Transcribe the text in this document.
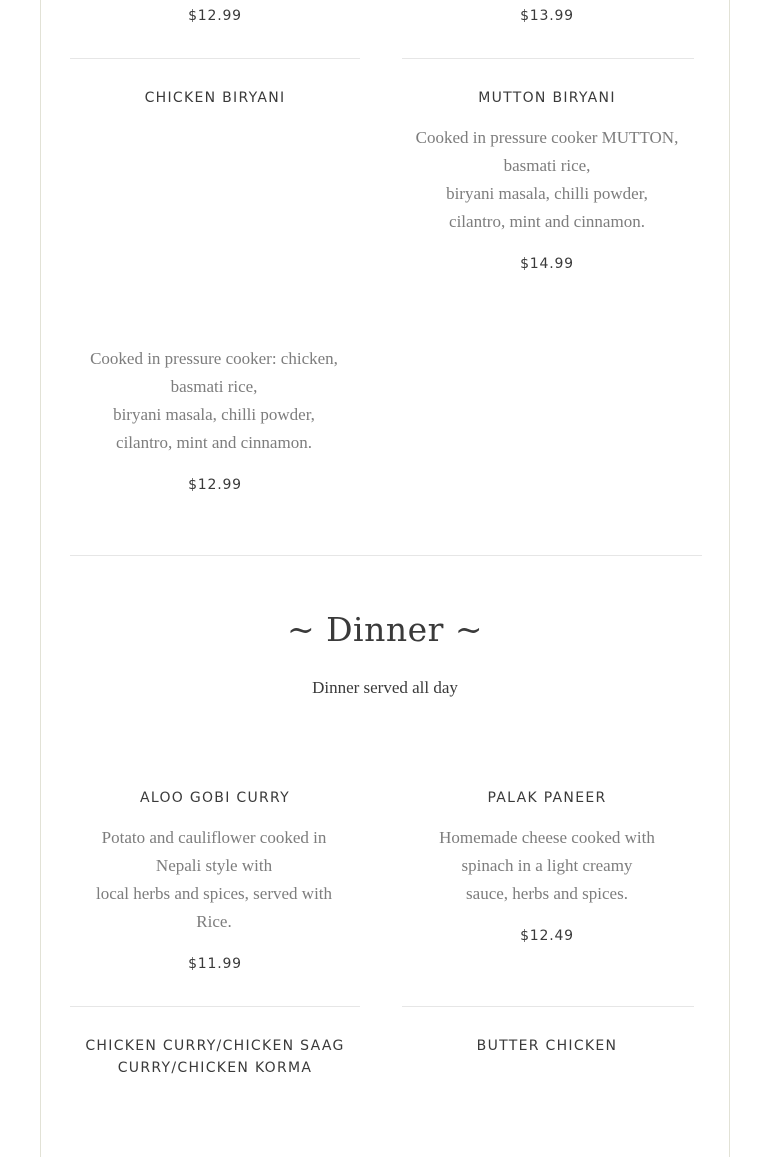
$12.99	$13.99
CHICKEN BIRYANI
Cooked in pressure cooker: chicken,
basmati rice,
biryani masala, chilli powder,
cilantro, mint and cinnamon.
$12.99
MUTTON BIRYANI
Cooked in pressure cooker MUTTON,
basmati rice,
biryani masala, chilli powder,
cilantro, mint and cinnamon.
$14.99
~ Dinner ~
Dinner served all day
ALOO GOBI CURRY
Potato and cauliflower cooked in
Nepali style with
local herbs and spices, served with
Rice.
$11.99
PALAK PANEER
Homemade cheese cooked with
spinach in a light creamy
sauce, herbs and spices.
$12.49
CHICKEN CURRY/CHICKEN SAAG
CURRY/CHICKEN KORMA
BUTTER CHICKEN
